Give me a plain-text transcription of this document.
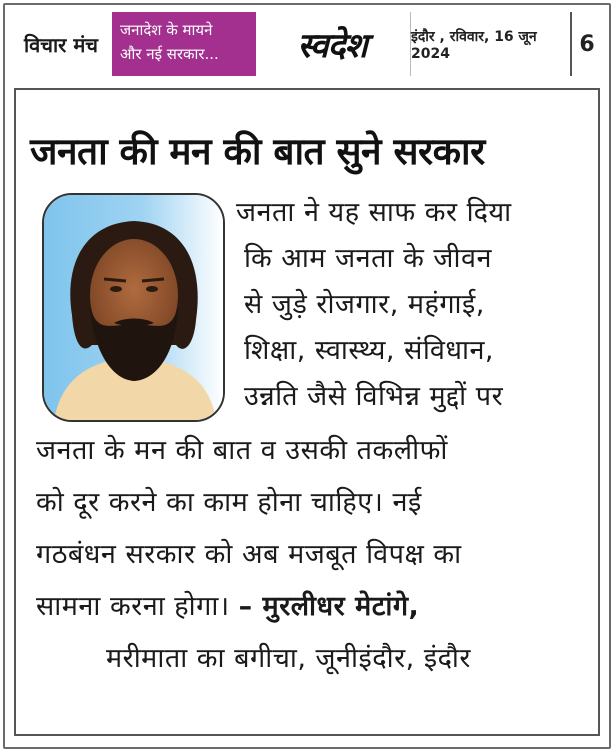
विचार मंच
जनादेश के मायने
और नई सरकार...	स्वदेश	इंदौर , रविवार, 16 जून 2024	6
जनता की मन की बात सुने सरकार
जनता ने यह साफ कर दिया
कि आम जनता के जीवन
से जुड़े रोजगार, महंगाई,
शिक्षा, स्वास्थ्य, संविधान,
उन्नति जैसे विभिन्न मुद्दों पर
जनता के मन की बात व उसकी तकलीफों
को दूर करने का काम होना चाहिए। नई
गठबंधन सरकार को अब मजबूत विपक्ष का
सामना करना होगा। – मुरलीधर मेटांगे,
मरीमाता का बगीचा, जूनीइंदौर, इंदौर
